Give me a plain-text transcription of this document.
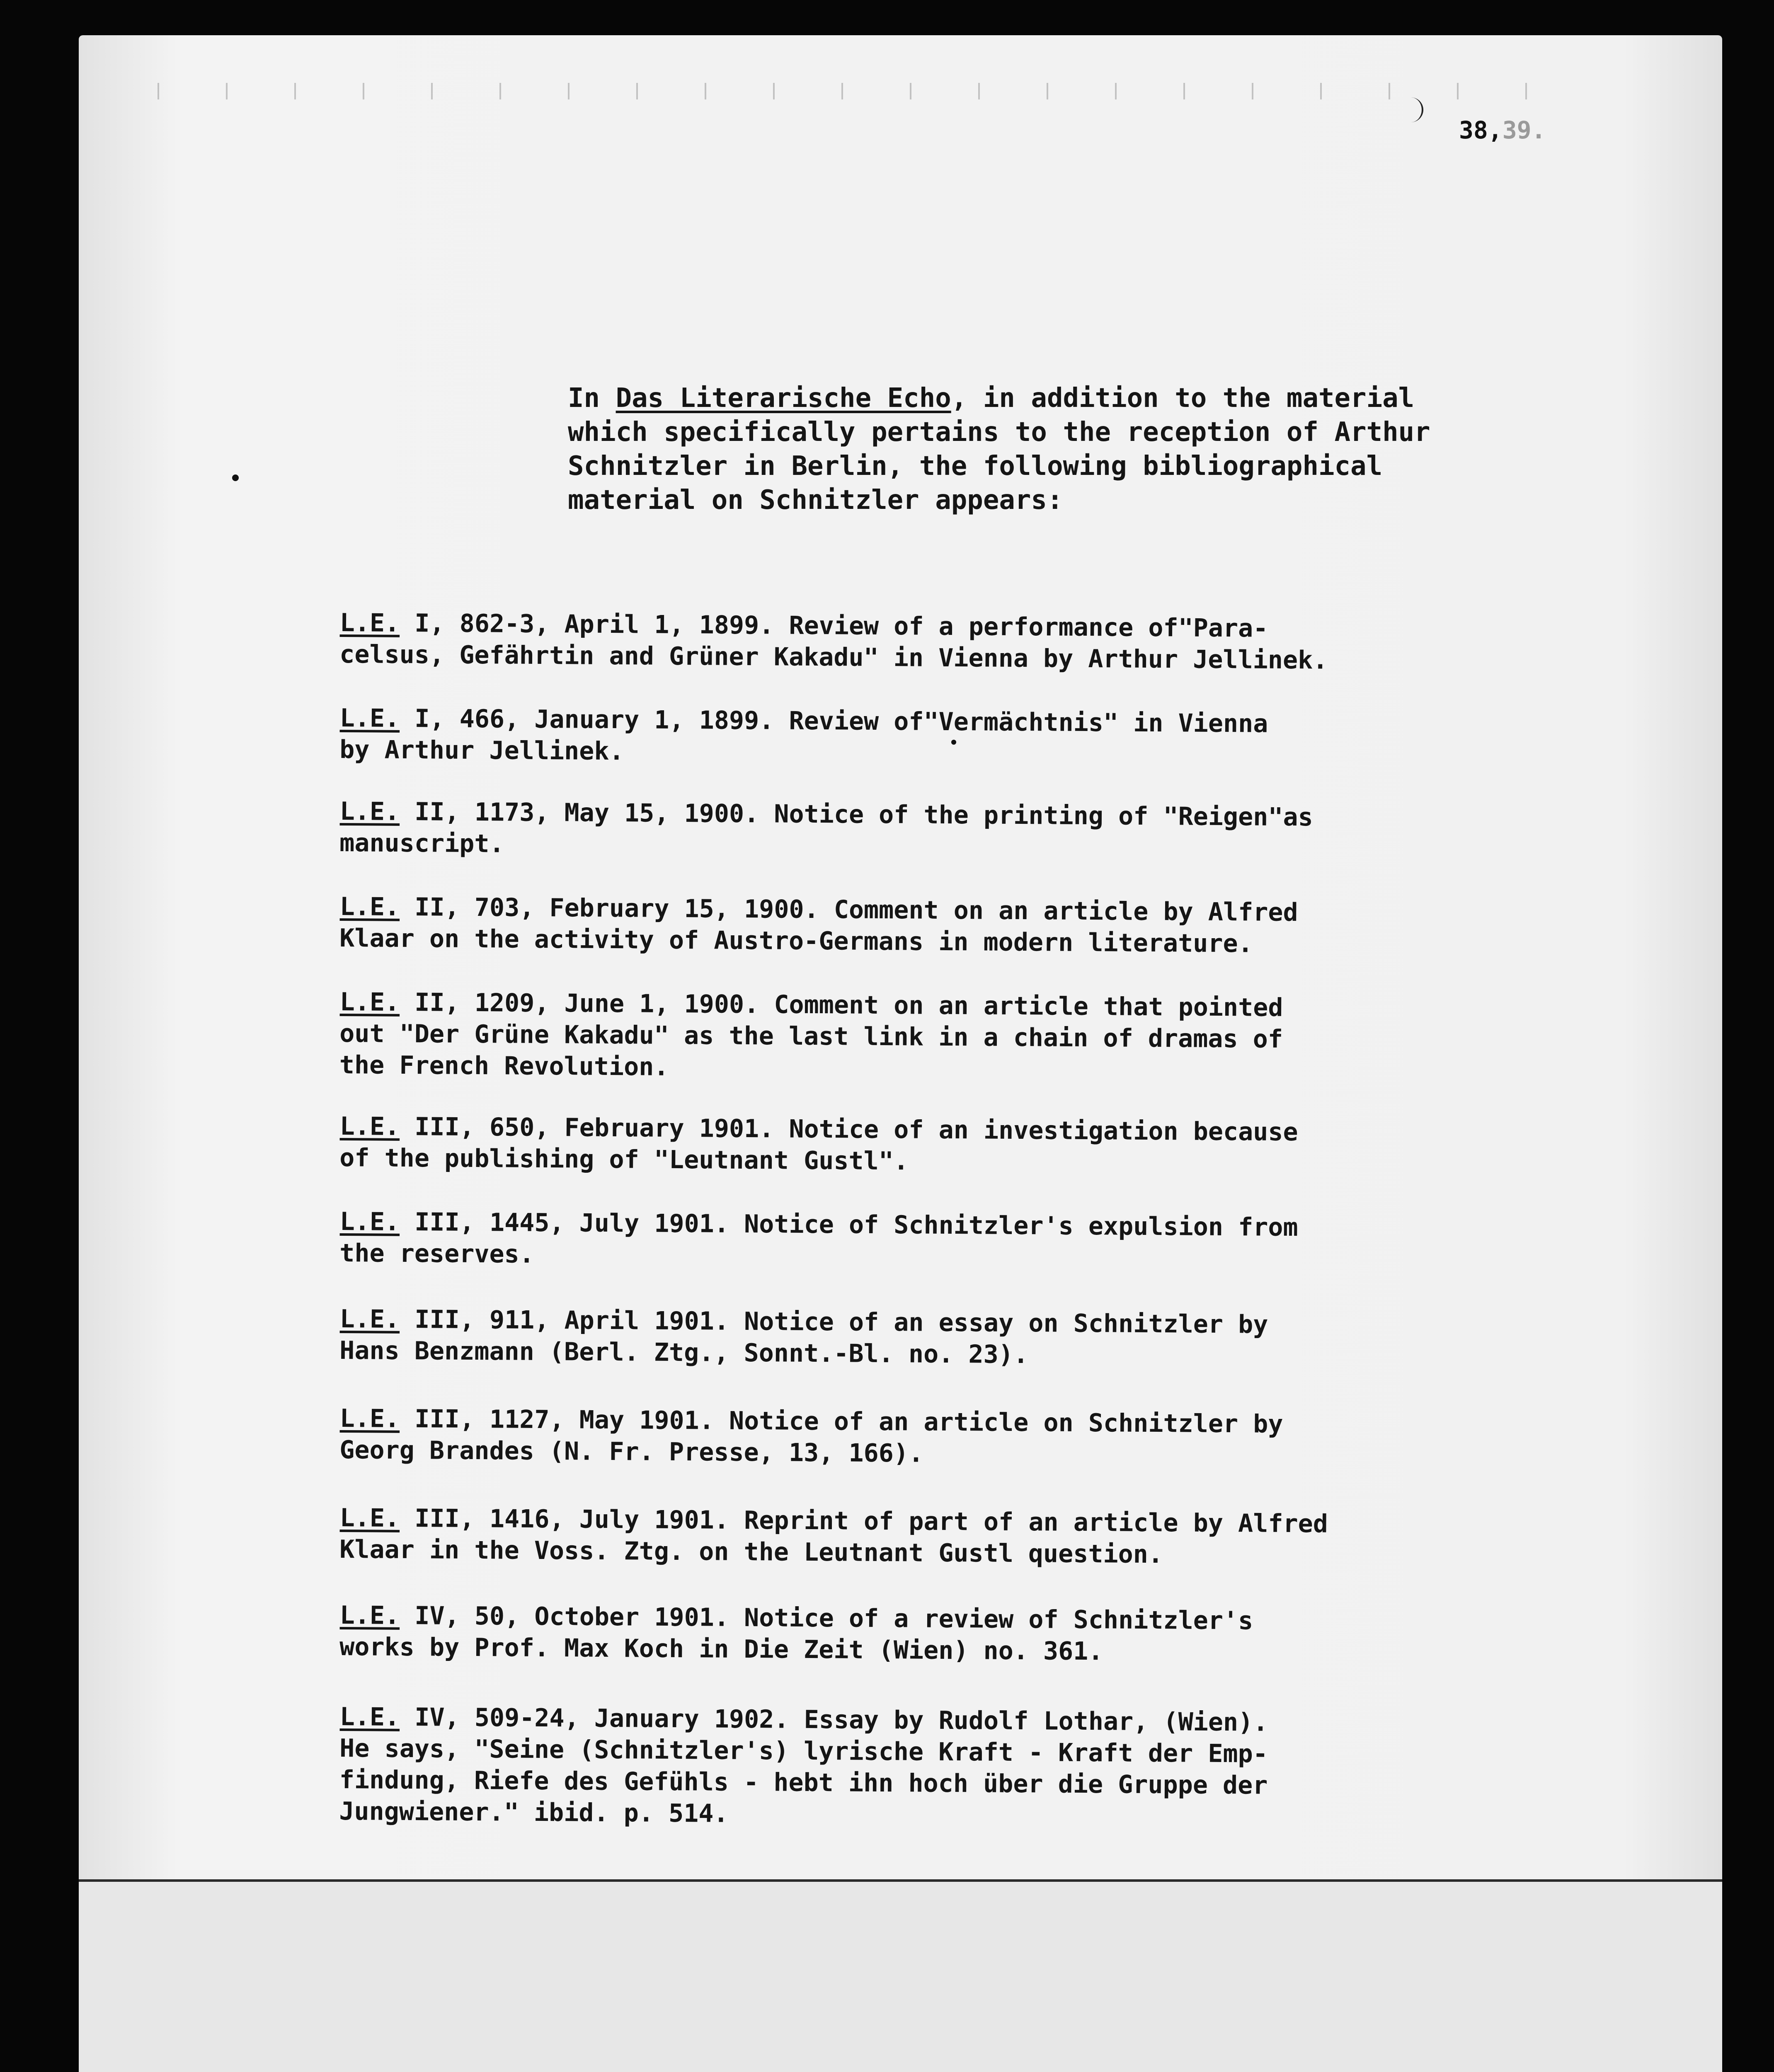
38,39.

In Das Literarische Echo, in addition to the material
which specifically pertains to the reception of Arthur
Schnitzler in Berlin, the following bibliographical
material on Schnitzler appears:

L.E. I, 862-3, April 1, 1899. Review of a performance of"Para-
celsus, Gefährtin and Grüner Kakadu" in Vienna by Arthur Jellinek.

L.E. I, 466, January 1, 1899. Review of"Vermächtnis" in Vienna
by Arthur Jellinek.

L.E. II, 1173, May 15, 1900. Notice of the printing of "Reigen"as
manuscript.

L.E. II, 703, February 15, 1900. Comment on an article by Alfred
Klaar on the activity of Austro-Germans in modern literature.

L.E. II, 1209, June 1, 1900. Comment on an article that pointed
out "Der Grüne Kakadu" as the last link in a chain of dramas of
the French Revolution.

L.E. III, 650, February 1901. Notice of an investigation because
of the publishing of "Leutnant Gustl".

L.E. III, 1445, July 1901. Notice of Schnitzler's expulsion from
the reserves.

L.E. III, 911, April 1901. Notice of an essay on Schnitzler by
Hans Benzmann (Berl. Ztg., Sonnt.-Bl. no. 23).

L.E. III, 1127, May 1901. Notice of an article on Schnitzler by
Georg Brandes (N. Fr. Presse, 13, 166).

L.E. III, 1416, July 1901. Reprint of part of an article by Alfred
Klaar in the Voss. Ztg. on the Leutnant Gustl question.

L.E. IV, 50, October 1901. Notice of a review of Schnitzler's
works by Prof. Max Koch in Die Zeit (Wien) no. 361.

L.E. IV, 509-24, January 1902. Essay by Rudolf Lothar, (Wien).
He says, "Seine (Schnitzler's) lyrische Kraft - Kraft der Emp-
findung, Riefe des Gefühls - hebt ihn hoch über die Gruppe der
Jungwiener." ibid. p. 514.
